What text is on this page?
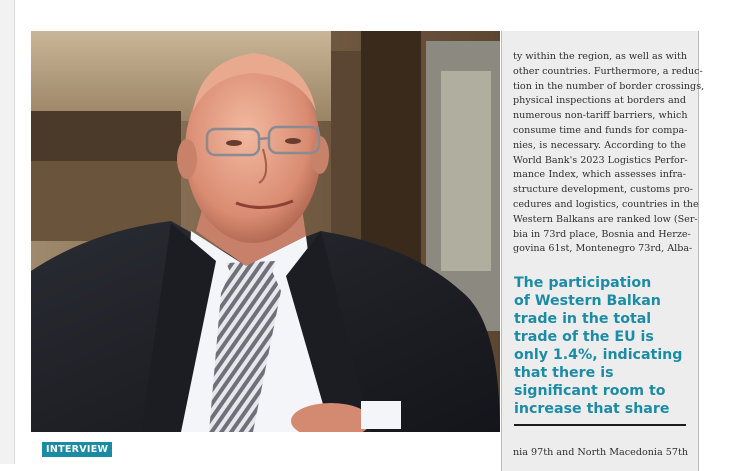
ty within the region, as well as with
other countries. Furthermore, a reduc-
tion in the number of border crossings,
physical inspections at borders and
numerous non-tariff barriers, which
consume time and funds for compa-
nies, is necessary. According to the
World Bank's 2023 Logistics Perfor-
mance Index, which assesses infra-
structure development, customs pro-
cedures and logistics, countries in the
Western Balkans are ranked low (Ser-
bia in 73rd place, Bosnia and Herze-
govina 61st, Montenegro 73rd, Alba-
The participation
of Western Balkan
trade in the total
trade of the EU is
only 1.4%, indicating
that there is
significant room to
increase that share
nia 97th and North Macedonia 57th
INTERVIEW
